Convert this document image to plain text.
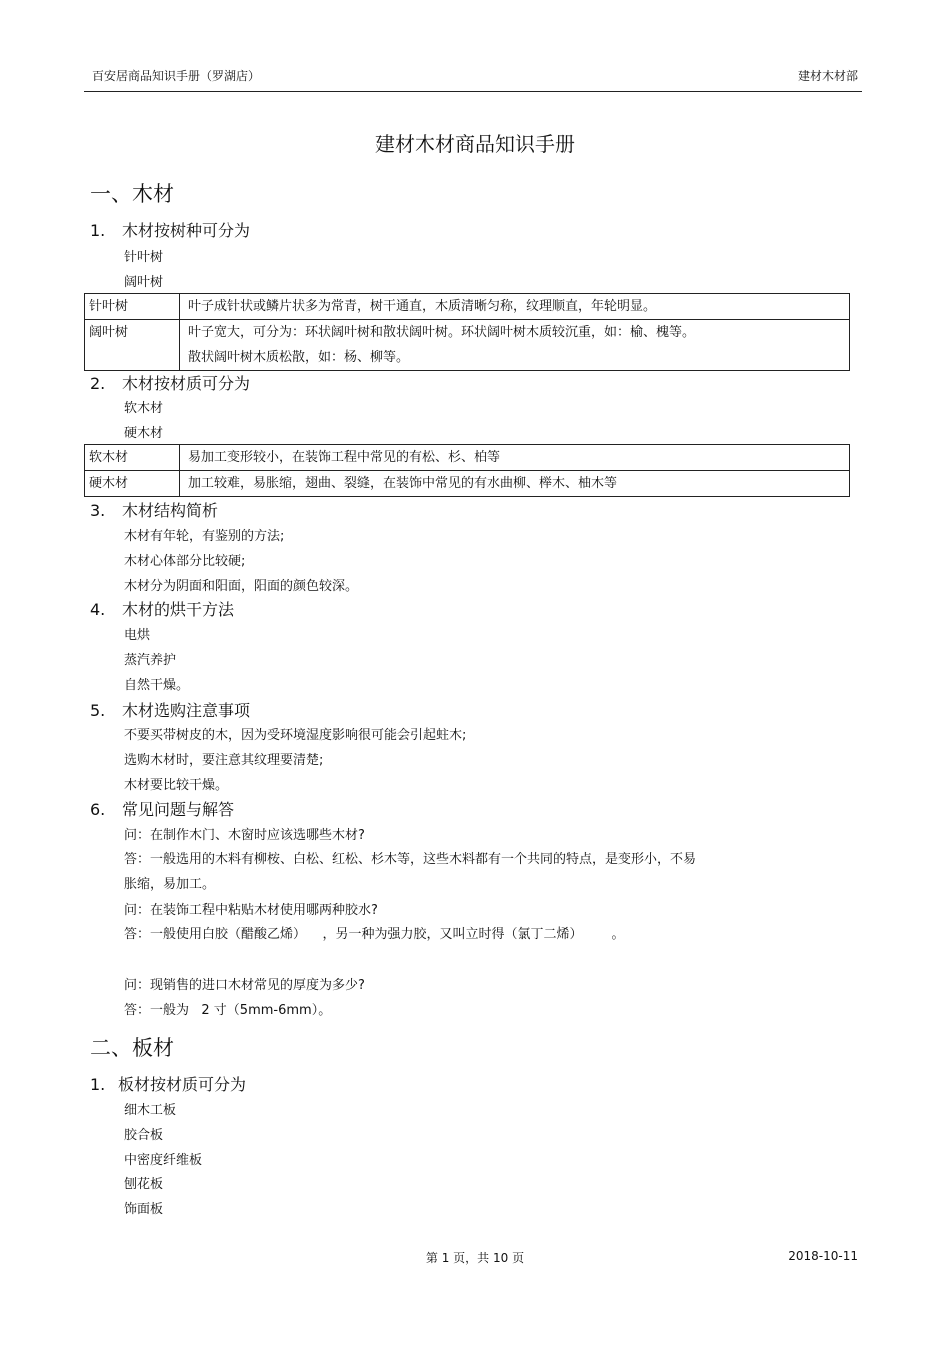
百安居商品知识手册（罗湖店）	建材木材部
建材木材商品知识手册
一、木材
1. 木材按树种可分为
针叶树
阔叶树
针叶树	叶子成针状或鳞片状多为常青，树干通直，木质清晰匀称，纹理顺直，年轮明显。

阔叶树	叶子宽大，可分为：环状阔叶树和散状阔叶树。环状阔叶树木质较沉重，如：榆、槐等。
散状阔叶树木质松散，如：杨、柳等。
2. 木材按材质可分为
软木材
硬木材
软木材	易加工变形较小，在装饰工程中常见的有松、杉、柏等

硬木材	加工较难，易胀缩，翅曲、裂缝，在装饰中常见的有水曲柳、榉木、柚木等
3. 木材结构简析
木材有年轮，有鉴别的方法;
木材心体部分比较硬;
木材分为阴面和阳面，阳面的颜色较深。
4. 木材的烘干方法
电烘
蒸汽养护
自然干燥。
5. 木材选购注意事项
不要买带树皮的木，因为受环境湿度影响很可能会引起蛀木;
选购木材时，要注意其纹理要清楚;
木材要比较干燥。
6. 常见问题与解答
问：在制作木门、木窗时应该选哪些木材?
答：一般选用的木料有柳桉、白松、红松、杉木等，这些木料都有一个共同的特点，是变形小，不易
胀缩，易加工。
问：在装饰工程中粘贴木材使用哪两种胶水?
答：一般使用白胶（醋酸乙烯）    ，另一种为强力胶，又叫立时得（氯丁二烯）       。
问：现销售的进口木材常见的厚度为多少?
答：一般为   2 寸（5mm-6mm）。
二、板材
1. 板材按材质可分为
细木工板
胶合板
中密度纤维板
刨花板
饰面板
第 1 页，共 10 页	2018-10-11
